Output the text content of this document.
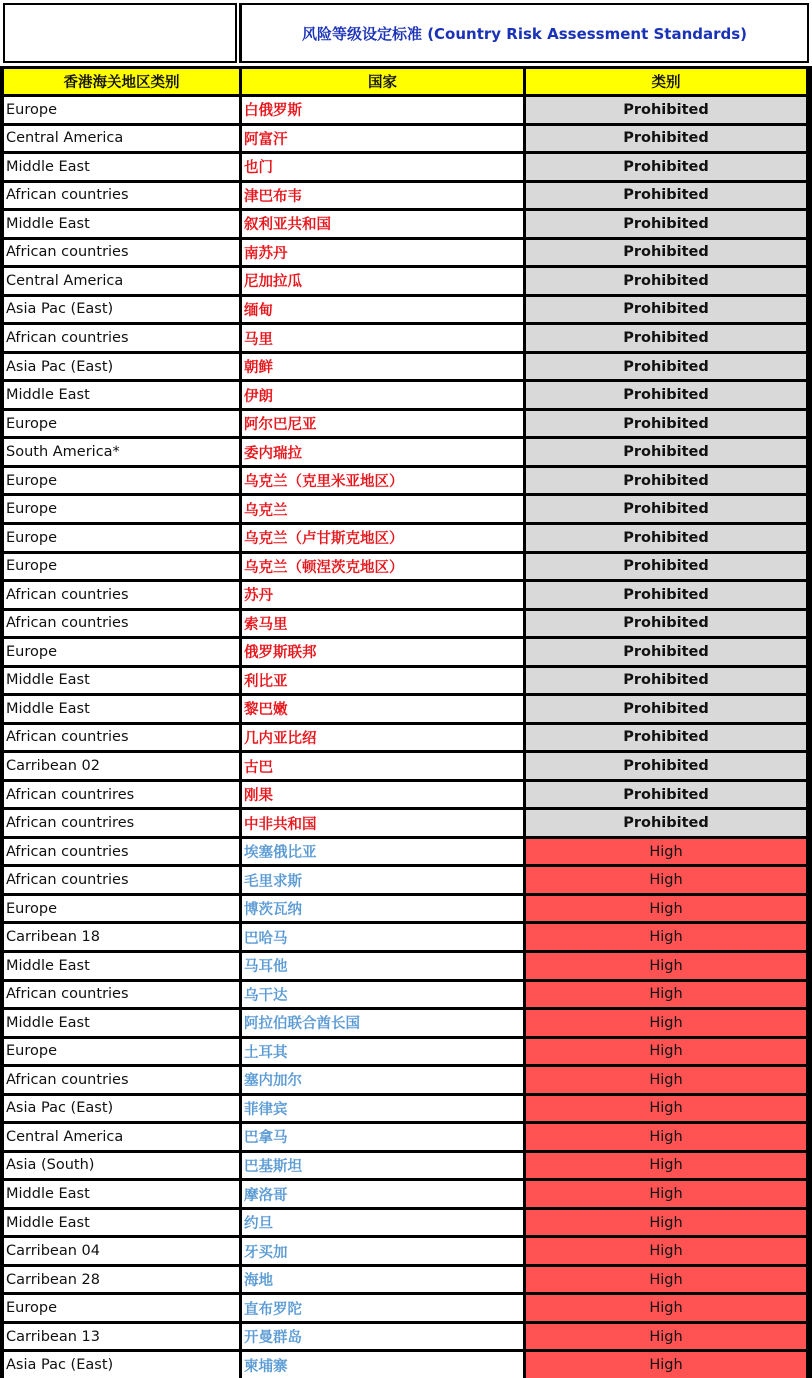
风险等级设定标准 (Country Risk Assessment Standards)
香港海关地区类别	国家	类别
Europe	白俄罗斯	Prohibited
Central America	阿富汗	Prohibited
Middle East	也门	Prohibited
African countries	津巴布韦	Prohibited
Middle East	叙利亚共和国	Prohibited
African countries	南苏丹	Prohibited
Central America	尼加拉瓜	Prohibited
Asia Pac (East)	缅甸	Prohibited
African countries	马里	Prohibited
Asia Pac (East)	朝鲜	Prohibited
Middle East	伊朗	Prohibited
Europe	阿尔巴尼亚	Prohibited
South America*	委内瑞拉	Prohibited
Europe	乌克兰（克里米亚地区）	Prohibited
Europe	乌克兰	Prohibited
Europe	乌克兰（卢甘斯克地区）	Prohibited
Europe	乌克兰（顿涅茨克地区）	Prohibited
African countries	苏丹	Prohibited
African countries	索马里	Prohibited
Europe	俄罗斯联邦	Prohibited
Middle East	利比亚	Prohibited
Middle East	黎巴嫩	Prohibited
African countries	几内亚比绍	Prohibited
Carribean 02	古巴	Prohibited
African countrires	刚果	Prohibited
African countrires	中非共和国	Prohibited
African countries	埃塞俄比亚	High
African countries	毛里求斯	High
Europe	博茨瓦纳	High
Carribean 18	巴哈马	High
Middle East	马耳他	High
African countries	乌干达	High
Middle East	阿拉伯联合酋长国	High
Europe	土耳其	High
African countries	塞内加尔	High
Asia Pac (East)	菲律宾	High
Central America	巴拿马	High
Asia (South)	巴基斯坦	High
Middle East	摩洛哥	High
Middle East	约旦	High
Carribean 04	牙买加	High
Carribean 28	海地	High
Europe	直布罗陀	High
Carribean 13	开曼群岛	High
Asia Pac (East)	柬埔寨	High
